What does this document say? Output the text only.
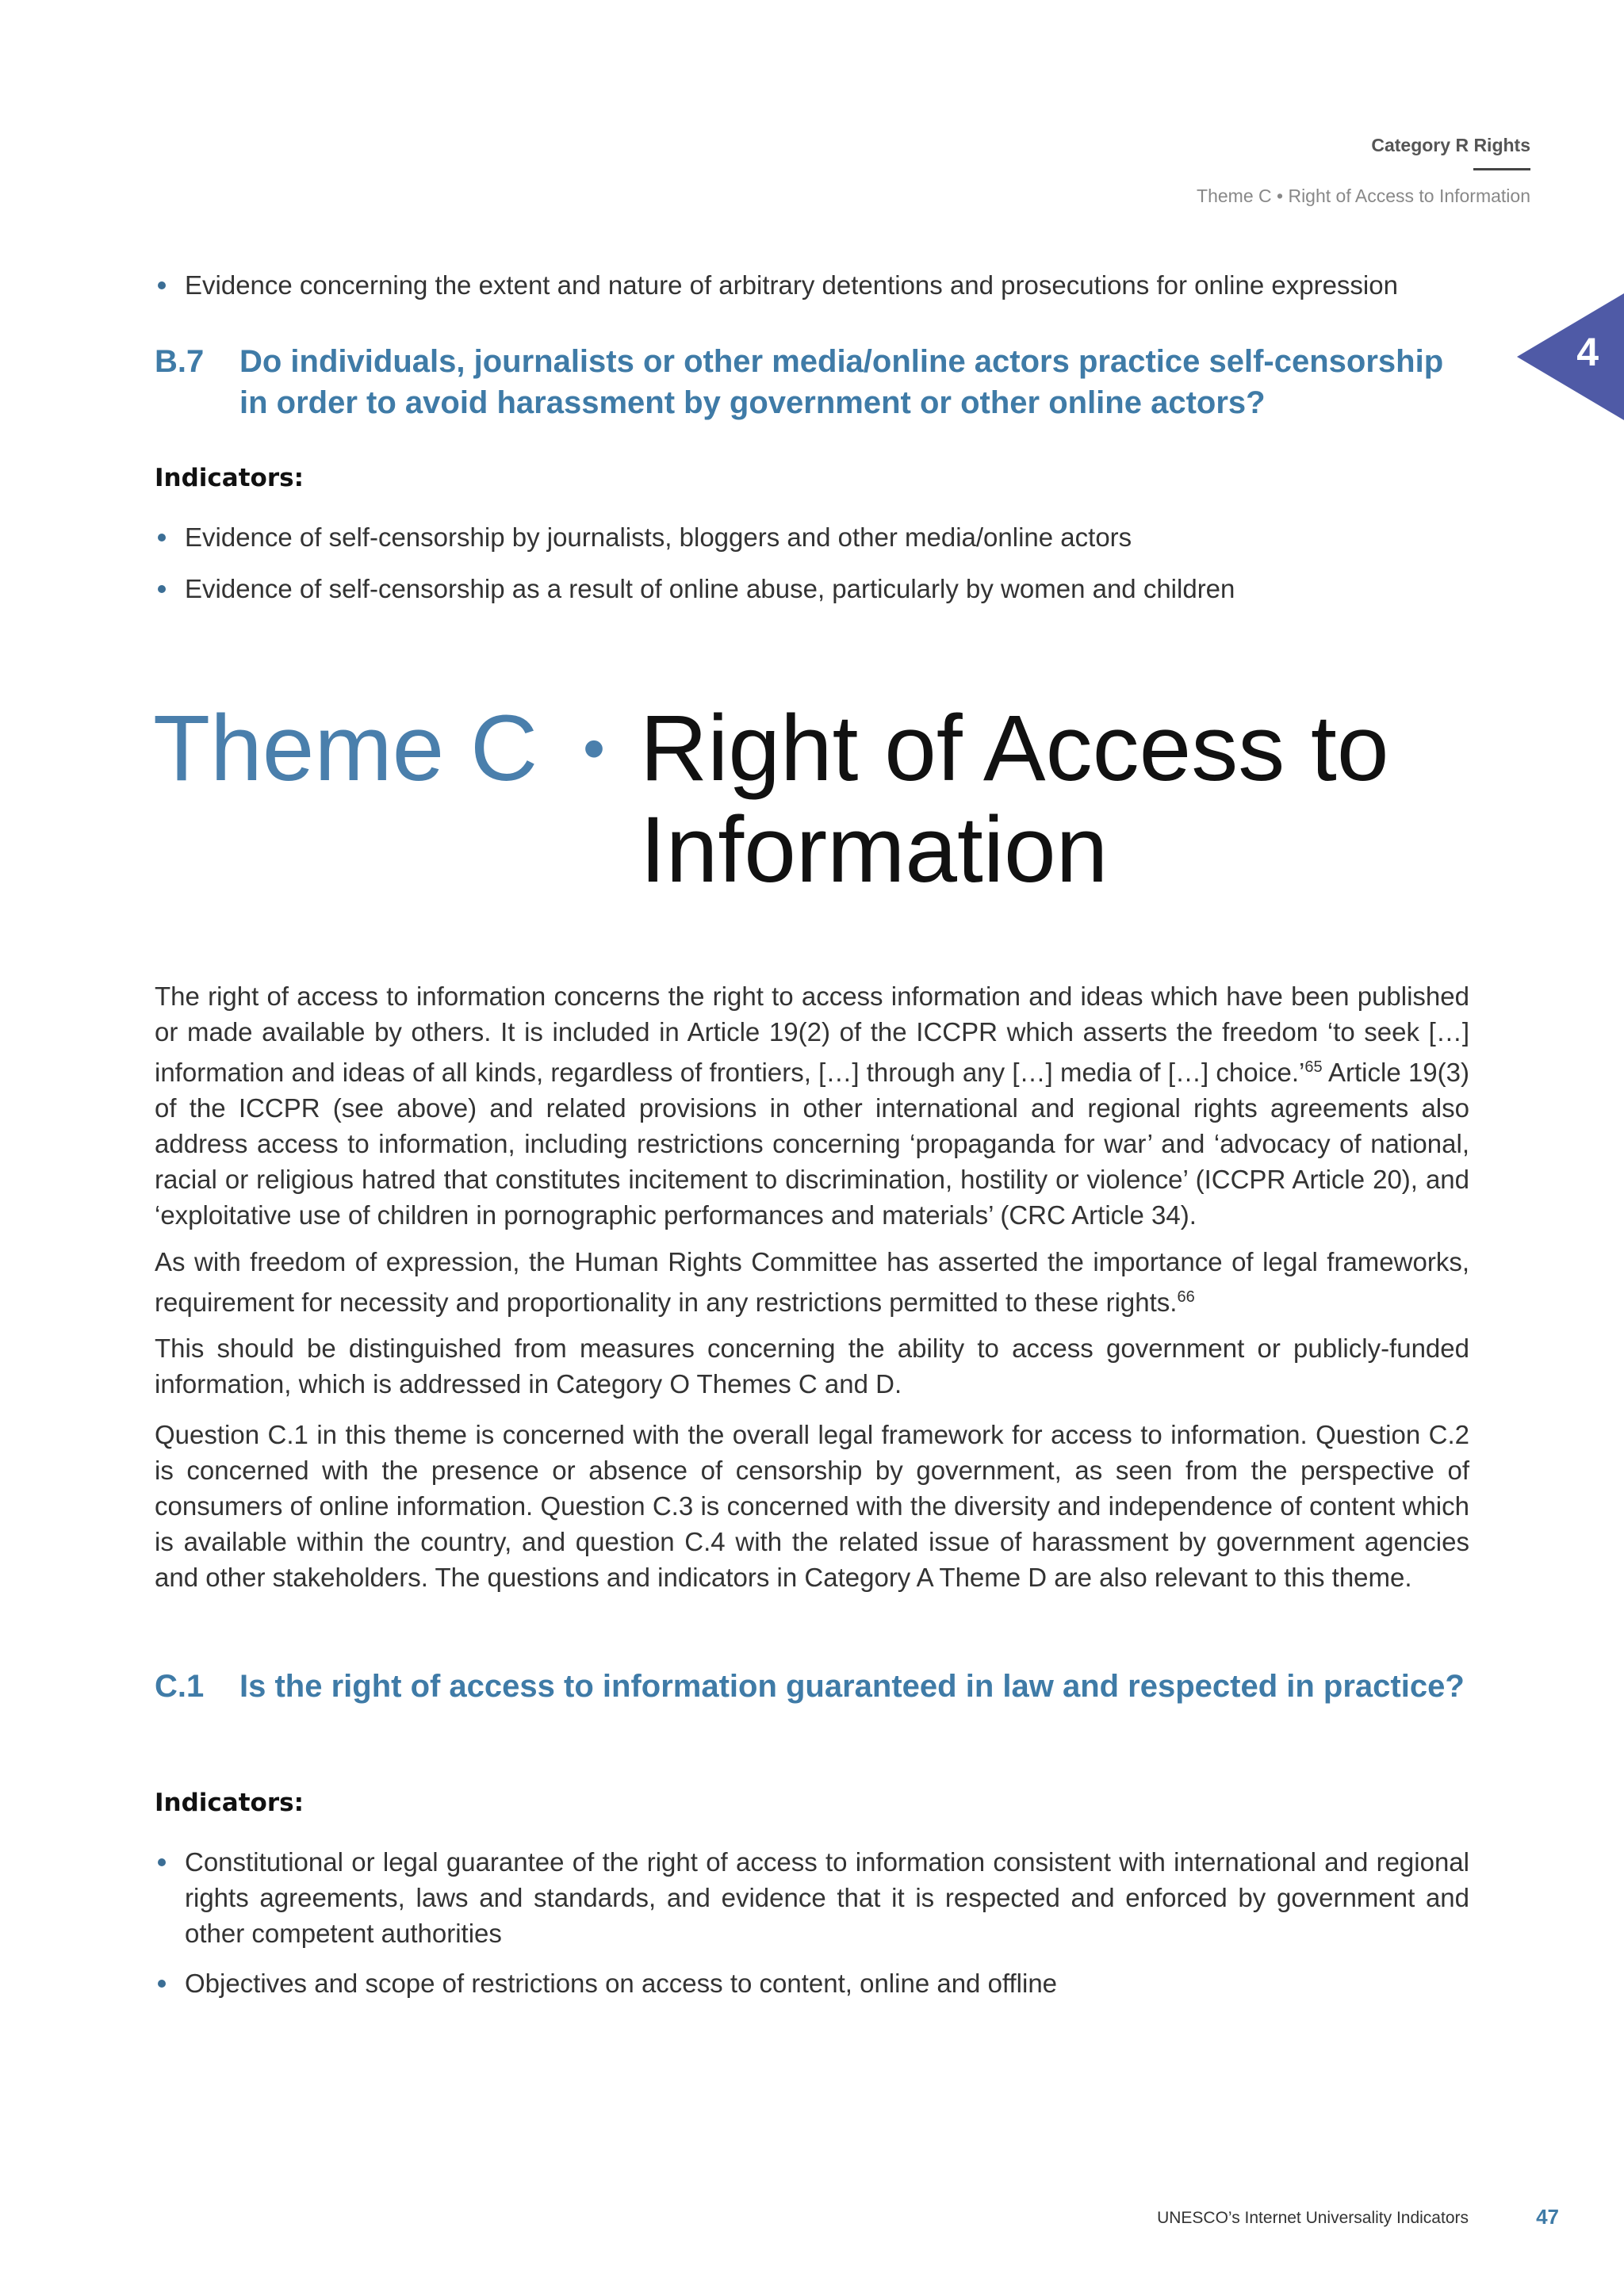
Category R Rights
Theme C • Right of Access to Information
4
Evidence concerning the extent and nature of arbitrary detentions and prosecutions for online expression
B.7 Do individuals, journalists or other media/online actors practice self-censorship in order to avoid harassment by government or other online actors?
Indicators:
Evidence of self-censorship by journalists, bloggers and other media/online actors
Evidence of self-censorship as a result of online abuse, particularly by women and children
Theme C • Right of Access to Information
The right of access to information concerns the right to access information and ideas which have been published or made available by others. It is included in Article 19(2) of the ICCPR which asserts the freedom ‘to seek […] information and ideas of all kinds, regardless of frontiers, […] through any […] media of […] choice.’$^{65}$ Article 19(3) of the ICCPR (see above) and related provisions in other international and regional rights agreements also address access to information, including restrictions concerning ‘propaganda for war’ and ‘advocacy of national, racial or religious hatred that constitutes incitement to discrimination, hostility or violence’ (ICCPR Article 20), and ‘exploitative use of children in pornographic performances and materials’ (CRC Article 34).
As with freedom of expression, the Human Rights Committee has asserted the importance of legal frameworks, requirement for necessity and proportionality in any restrictions permitted to these rights.$^{66}$
This should be distinguished from measures concerning the ability to access government or publicly-funded information, which is addressed in Category O Themes C and D.
Question C.1 in this theme is concerned with the overall legal framework for access to information. Question C.2 is concerned with the presence or absence of censorship by government, as seen from the perspective of consumers of online information. Question C.3 is concerned with the diversity and independence of content which is available within the country, and question C.4 with the related issue of harassment by government agencies and other stakeholders. The questions and indicators in Category A Theme D are also relevant to this theme.
C.1 Is the right of access to information guaranteed in law and respected in practice?
Indicators:
Constitutional or legal guarantee of the right of access to information consistent with international and regional rights agreements, laws and standards, and evidence that it is respected and enforced by government and other competent authorities
Objectives and scope of restrictions on access to content, online and offline
UNESCO’s Internet Universality Indicators	47
